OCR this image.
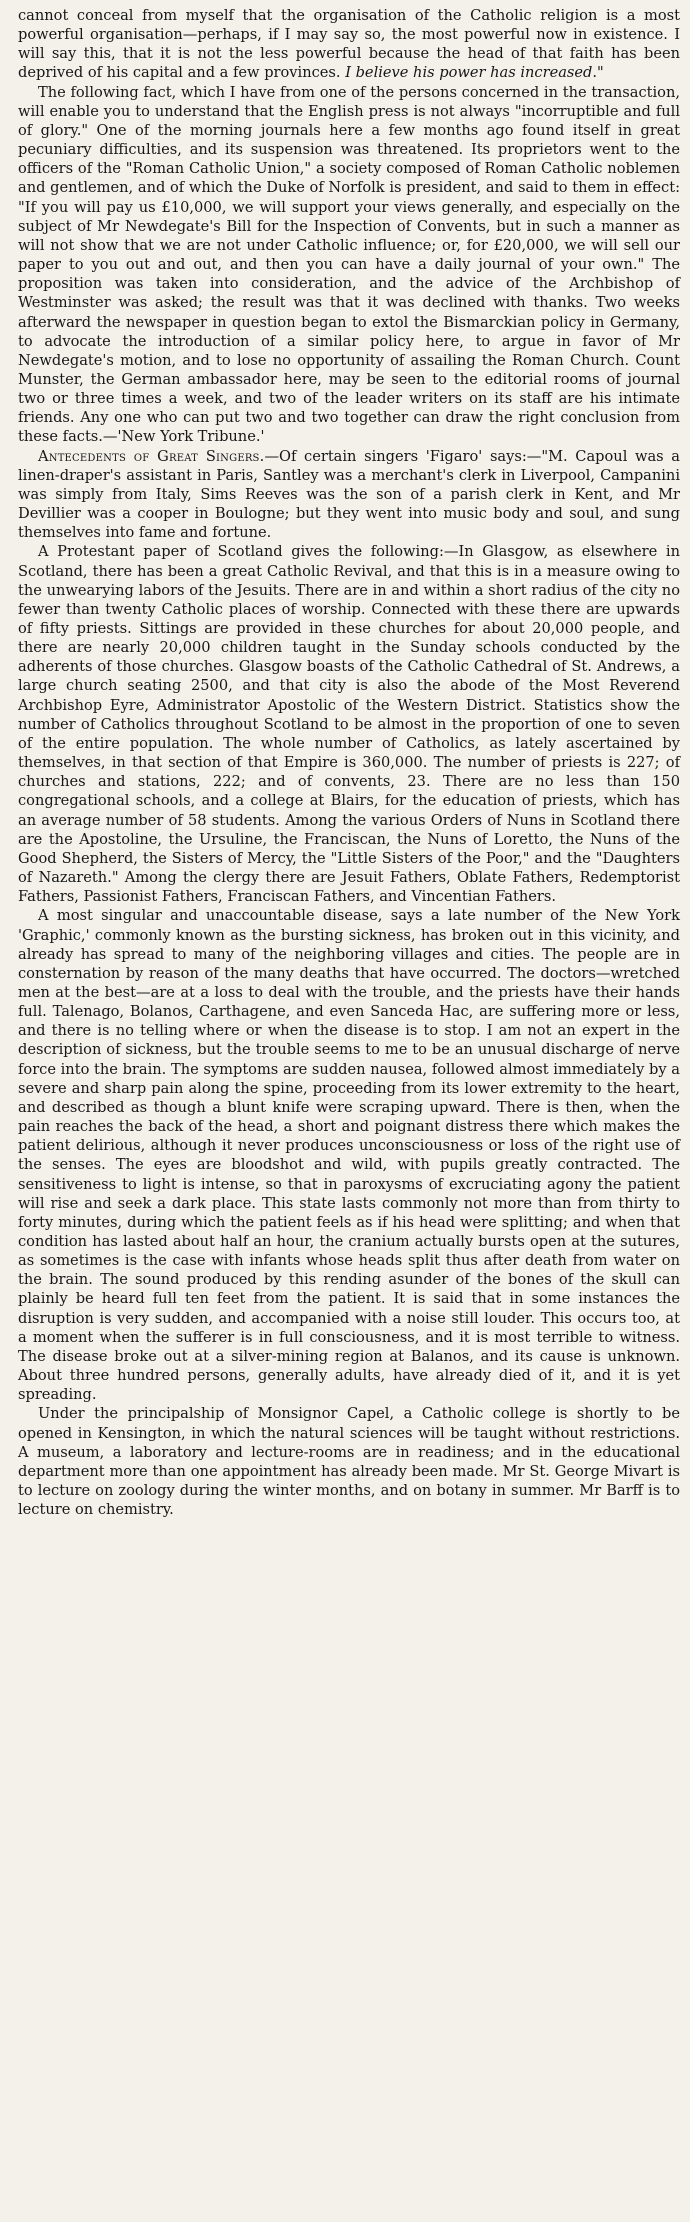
cannot conceal from myself that the organisation of the Catholic religion is a most powerful organisation—perhaps, if I may say so, the most powerful now in existence. I will say this, that it is not the less powerful because the head of that faith has been deprived of his capital and a few provinces. I believe his power has increased."

The following fact, which I have from one of the persons concerned in the transaction, will enable you to understand that the English press is not always "incorruptible and full of glory." One of the morning journals here a few months ago found itself in great pecuniary difficulties, and its suspension was threatened. Its proprietors went to the officers of the "Roman Catholic Union," a society composed of Roman Catholic noblemen and gentlemen, and of which the Duke of Norfolk is president, and said to them in effect: "If you will pay us £10,000, we will support your views generally, and especially on the subject of Mr Newdegate's Bill for the Inspection of Convents, but in such a manner as will not show that we are not under Catholic influence; or, for £20,000, we will sell our paper to you out and out, and then you can have a daily journal of your own." The proposition was taken into consideration, and the advice of the Archbishop of Westminster was asked; the result was that it was declined with thanks. Two weeks afterward the newspaper in question began to extol the Bismarckian policy in Germany, to advocate the introduction of a similar policy here, to argue in favor of Mr Newdegate's motion, and to lose no opportunity of assailing the Roman Church. Count Munster, the German ambassador here, may be seen to the editorial rooms of journal two or three times a week, and two of the leader writers on its staff are his intimate friends. Any one who can put two and two together can draw the right conclusion from these facts.—'New York Tribune.'

Antecedents of Great Singers.—Of certain singers 'Figaro' says:—"M. Capoul was a linen-draper's assistant in Paris, Santley was a merchant's clerk in Liverpool, Campanini was simply from Italy, Sims Reeves was the son of a parish clerk in Kent, and Mr Devillier was a cooper in Boulogne; but they went into music body and soul, and sung themselves into fame and fortune.

A Protestant paper of Scotland gives the following:—In Glasgow, as elsewhere in Scotland, there has been a great Catholic Revival, and that this is in a measure owing to the unwearying labors of the Jesuits. There are in and within a short radius of the city no fewer than twenty Catholic places of worship. Connected with these there are upwards of fifty priests. Sittings are provided in these churches for about 20,000 people, and there are nearly 20,000 children taught in the Sunday schools conducted by the adherents of those churches. Glasgow boasts of the Catholic Cathedral of St. Andrews, a large church seating 2500, and that city is also the abode of the Most Reverend Archbishop Eyre, Administrator Apostolic of the Western District. Statistics show the number of Catholics throughout Scotland to be almost in the proportion of one to seven of the entire population. The whole number of Catholics, as lately ascertained by themselves, in that section of that Empire is 360,000. The number of priests is 227; of churches and stations, 222; and of convents, 23. There are no less than 150 congregational schools, and a college at Blairs, for the education of priests, which has an average number of 58 students. Among the various Orders of Nuns in Scotland there are the Apostoline, the Ursuline, the Franciscan, the Nuns of Loretto, the Nuns of the Good Shepherd, the Sisters of Mercy, the "Little Sisters of the Poor," and the "Daughters of Nazareth." Among the clergy there are Jesuit Fathers, Oblate Fathers, Redemptorist Fathers, Passionist Fathers, Franciscan Fathers, and Vincentian Fathers.

A most singular and unaccountable disease, says a late number of the New York 'Graphic,' commonly known as the bursting sickness, has broken out in this vicinity, and already has spread to many of the neighboring villages and cities. The people are in consternation by reason of the many deaths that have occurred. The doctors—wretched men at the best—are at a loss to deal with the trouble, and the priests have their hands full. Talenago, Bolanos, Carthagene, and even Sanceda Hac, are suffering more or less, and there is no telling where or when the disease is to stop. I am not an expert in the description of sickness, but the trouble seems to me to be an unusual discharge of nerve force into the brain. The symptoms are sudden nausea, followed almost immediately by a severe and sharp pain along the spine, proceeding from its lower extremity to the heart, and described as though a blunt knife were scraping upward. There is then, when the pain reaches the back of the head, a short and poignant distress there which makes the patient delirious, although it never produces unconsciousness or loss of the right use of the senses. The eyes are bloodshot and wild, with pupils greatly contracted. The sensitiveness to light is intense, so that in paroxysms of excruciating agony the patient will rise and seek a dark place. This state lasts commonly not more than from thirty to forty minutes, during which the patient feels as if his head were splitting; and when that condition has lasted about half an hour, the cranium actually bursts open at the sutures, as sometimes is the case with infants whose heads split thus after death from water on the brain. The sound produced by this rending asunder of the bones of the skull can plainly be heard full ten feet from the patient. It is said that in some instances the disruption is very sudden, and accompanied with a noise still louder. This occurs too, at a moment when the sufferer is in full consciousness, and it is most terrible to witness. The disease broke out at a silver-mining region at Balanos, and its cause is unknown. About three hundred persons, generally adults, have already died of it, and it is yet spreading.

Under the principalship of Monsignor Capel, a Catholic college is shortly to be opened in Kensington, in which the natural sciences will be taught without restrictions. A museum, a laboratory and lecture-rooms are in readiness; and in the educational department more than one appointment has already been made. Mr St. George Mivart is to lecture on zoology during the winter months, and on botany in summer. Mr Barff is to lecture on chemistry.
